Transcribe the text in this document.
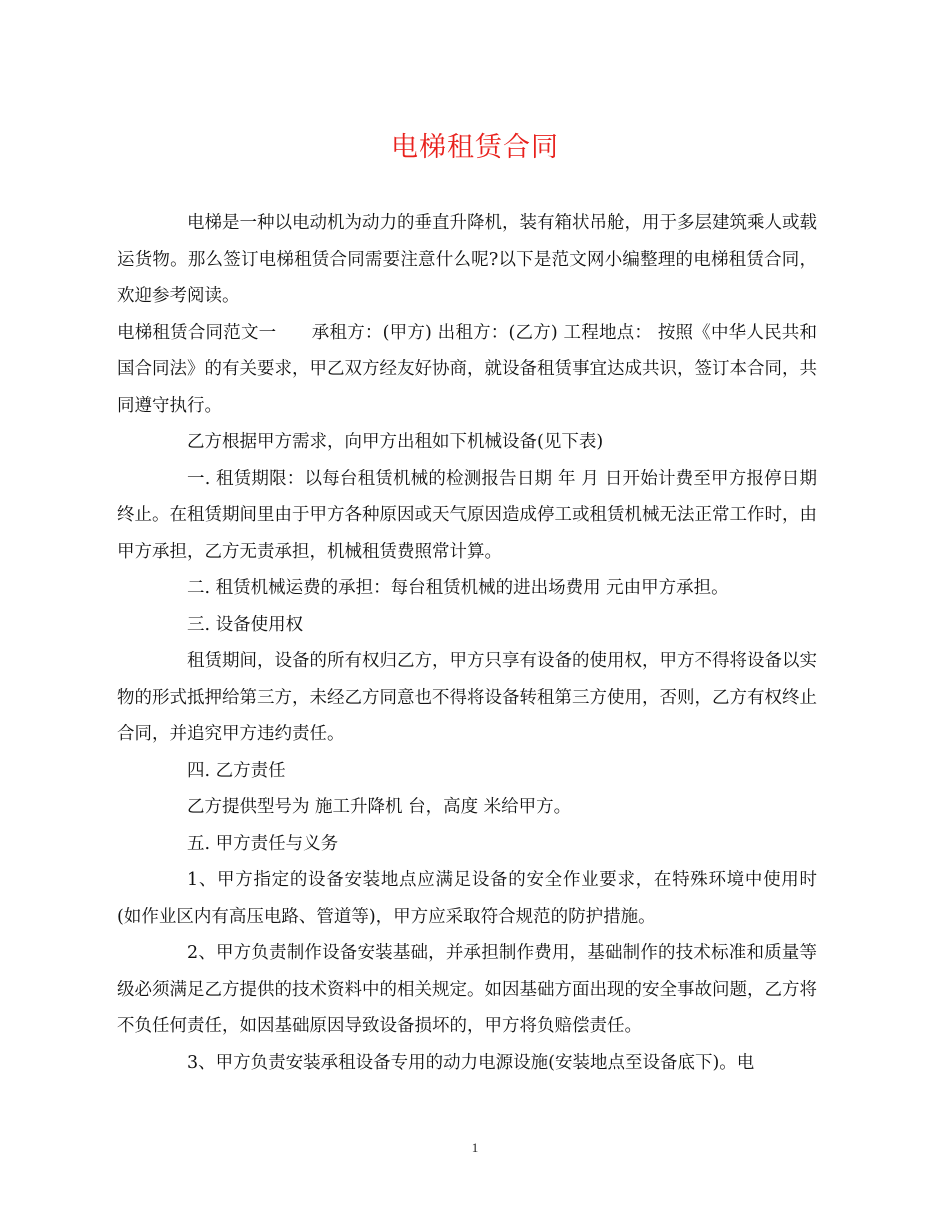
电梯租赁合同

电梯是一种以电动机为动力的垂直升降机，装有箱状吊舱，用于多层建筑乘人或载运货物。那么签订电梯租赁合同需要注意什么呢?以下是范文网小编整理的电梯租赁合同，欢迎参考阅读。

电梯租赁合同范文一　　承租方：(甲方) 出租方：(乙方) 工程地点： 按照《中华人民共和国合同法》的有关要求，甲乙双方经友好协商，就设备租赁事宜达成共识，签订本合同，共同遵守执行。

乙方根据甲方需求，向甲方出租如下机械设备(见下表)

一. 租赁期限：以每台租赁机械的检测报告日期 年 月 日开始计费至甲方报停日期终止。在租赁期间里由于甲方各种原因或天气原因造成停工或租赁机械无法正常工作时，由甲方承担，乙方无责承担，机械租赁费照常计算。

二. 租赁机械运费的承担：每台租赁机械的进出场费用 元由甲方承担。

三. 设备使用权

租赁期间，设备的所有权归乙方，甲方只享有设备的使用权，甲方不得将设备以实物的形式抵押给第三方，未经乙方同意也不得将设备转租第三方使用，否则，乙方有权终止合同，并追究甲方违约责任。

四. 乙方责任

乙方提供型号为 施工升降机 台，高度 米给甲方。

五. 甲方责任与义务

1、甲方指定的设备安装地点应满足设备的安全作业要求，在特殊环境中使用时(如作业区内有高压电路、管道等)，甲方应采取符合规范的防护措施。

2、甲方负责制作设备安装基础，并承担制作费用，基础制作的技术标准和质量等级必须满足乙方提供的技术资料中的相关规定。如因基础方面出现的安全事故问题，乙方将不负任何责任，如因基础原因导致设备损坏的，甲方将负赔偿责任。

3、甲方负责安装承租设备专用的动力电源设施(安装地点至设备底下)。电

1
